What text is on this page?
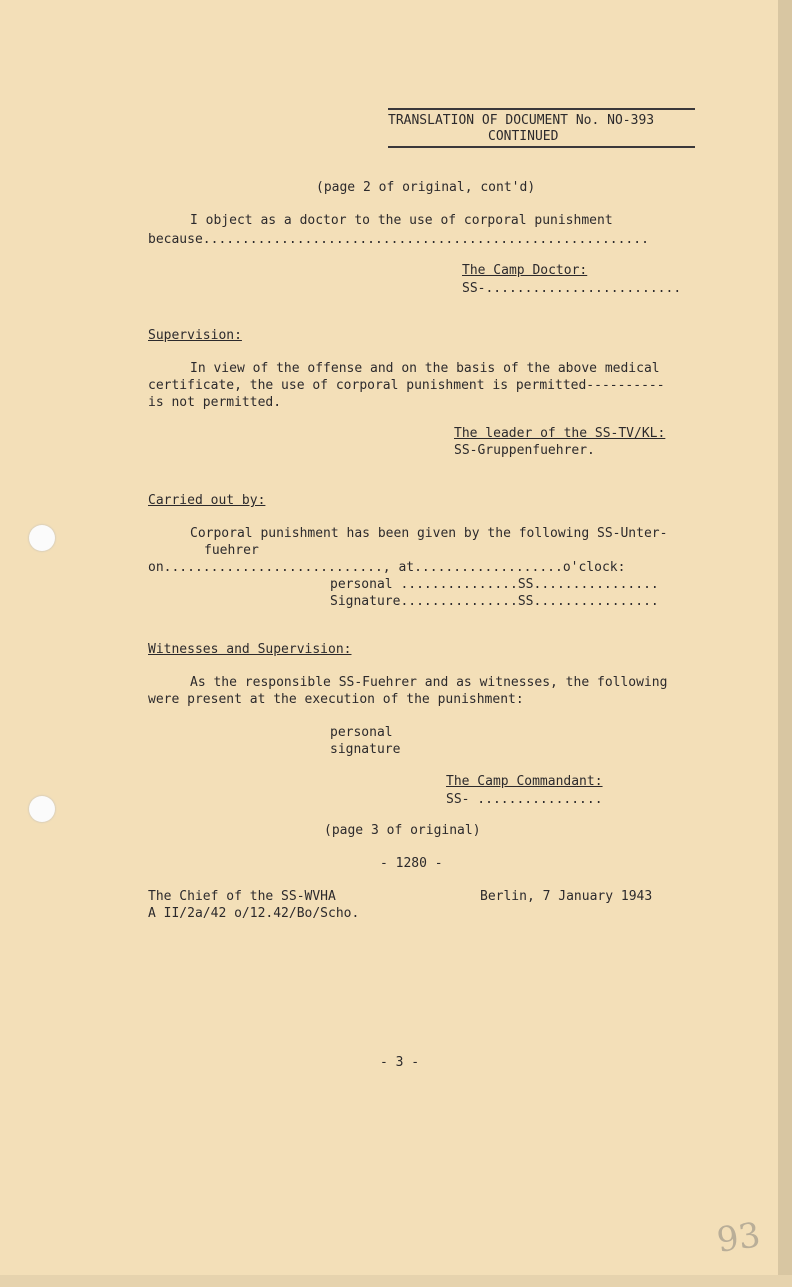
TRANSLATION OF DOCUMENT No. NO-393
CONTINUED
(page 2 of original, cont'd)
I object as a doctor to the use of corporal punishment
because.........................................................
The Camp Doctor:
SS-.........................
Supervision:
In view of the offense and on the basis of the above medical
certificate, the use of corporal punishment is permitted----------
is not permitted.
The leader of the SS-TV/KL:
SS-Gruppenfuehrer.
Carried out by:
Corporal punishment has been given by the following SS-Unter-
fuehrer
on............................, at...................o'clock:
personal ...............SS................
Signature...............SS................
Witnesses and Supervision:
As the responsible SS-Fuehrer and as witnesses, the following
were present at the execution of the punishment:
personal
signature
The Camp Commandant:
SS- ................
(page 3 of original)
- 1280 -
The Chief of the SS-WVHA
A II/2a/42 o/12.42/Bo/Scho.
Berlin, 7 January 1943
- 3 -
93
